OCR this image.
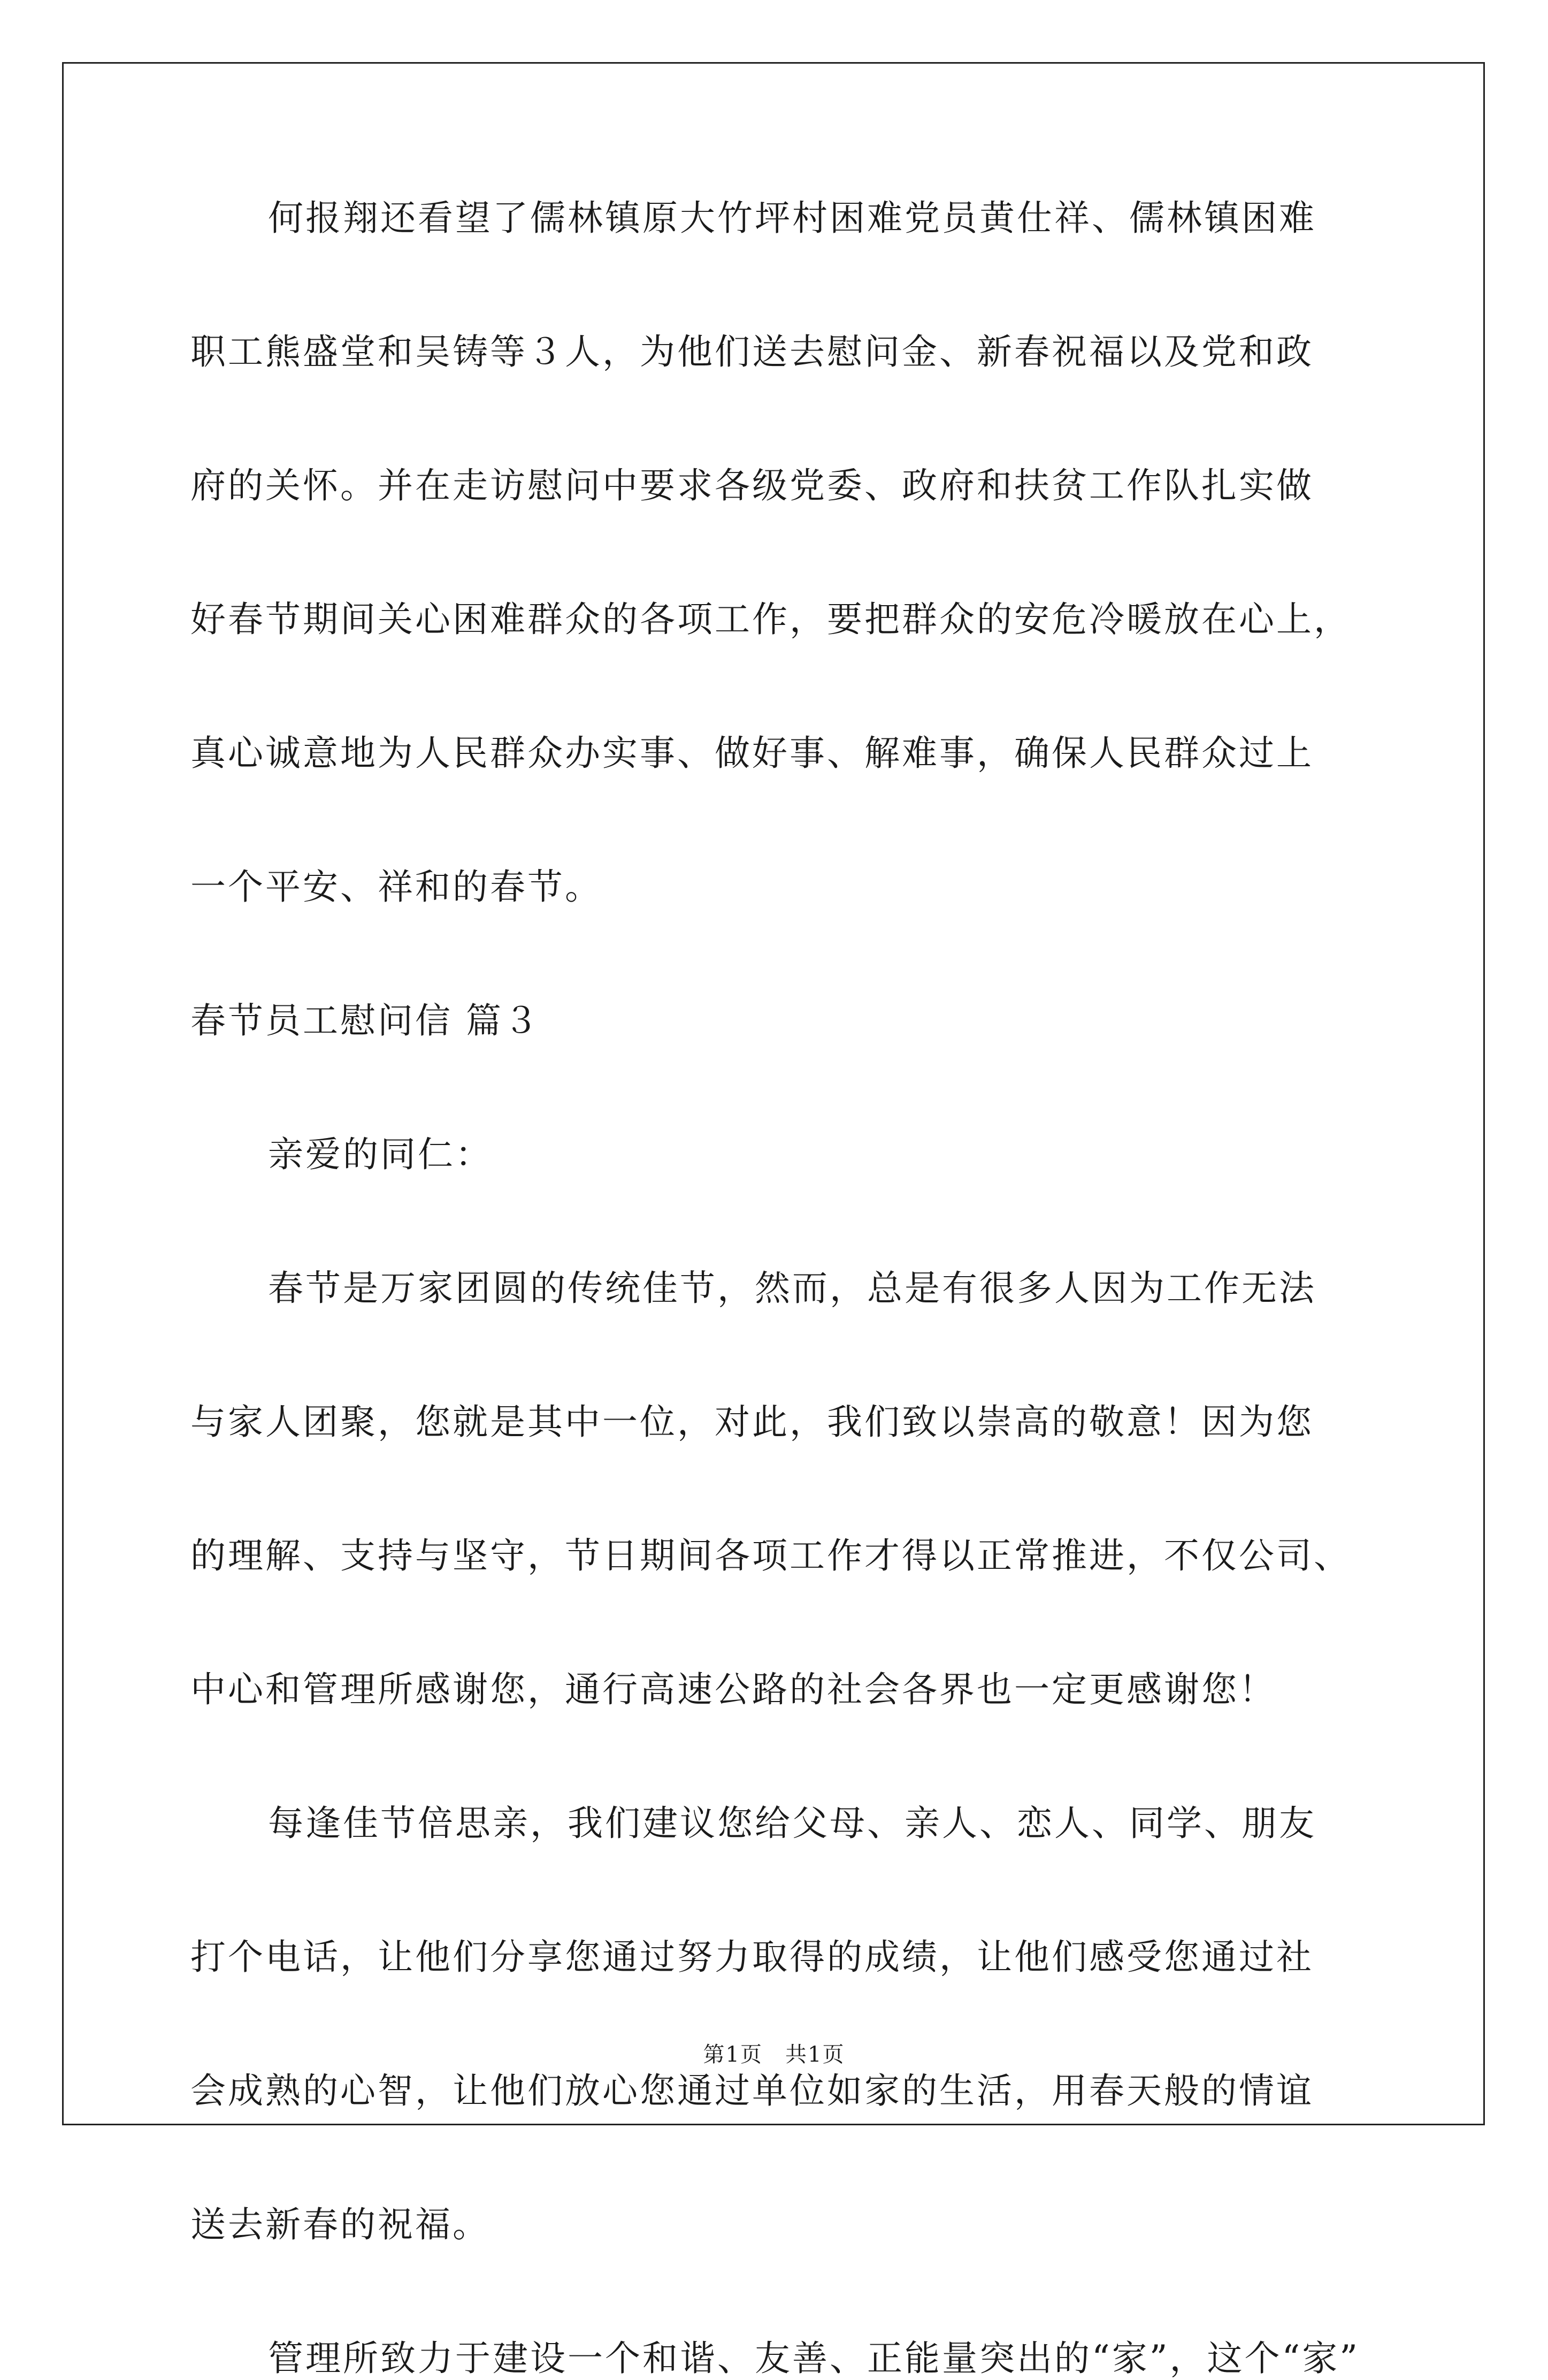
何报翔还看望了儒林镇原大竹坪村困难党员黄仕祥、儒林镇困难
职工熊盛堂和吴铸等３人，为他们送去慰问金、新春祝福以及党和政
府的关怀。并在走访慰问中要求各级党委、政府和扶贫工作队扎实做
好春节期间关心困难群众的各项工作，要把群众的安危冷暖放在心上，
真心诚意地为人民群众办实事、做好事、解难事，确保人民群众过上
一个平安、祥和的春节。
春节员工慰问信 篇３
亲爱的同仁：
春节是万家团圆的传统佳节，然而，总是有很多人因为工作无法
与家人团聚，您就是其中一位，对此，我们致以崇高的敬意！因为您
的理解、支持与坚守，节日期间各项工作才得以正常推进，不仅公司、
中心和管理所感谢您，通行高速公路的社会各界也一定更感谢您！
每逢佳节倍思亲，我们建议您给父母、亲人、恋人、同学、朋友
打个电话，让他们分享您通过努力取得的成绩，让他们感受您通过社
会成熟的心智，让他们放心您通过单位如家的生活，用春天般的情谊
送去新春的祝福。
管理所致力于建设一个和谐、友善、正能量突出的“家”，这个“家”
第1页　共1页
